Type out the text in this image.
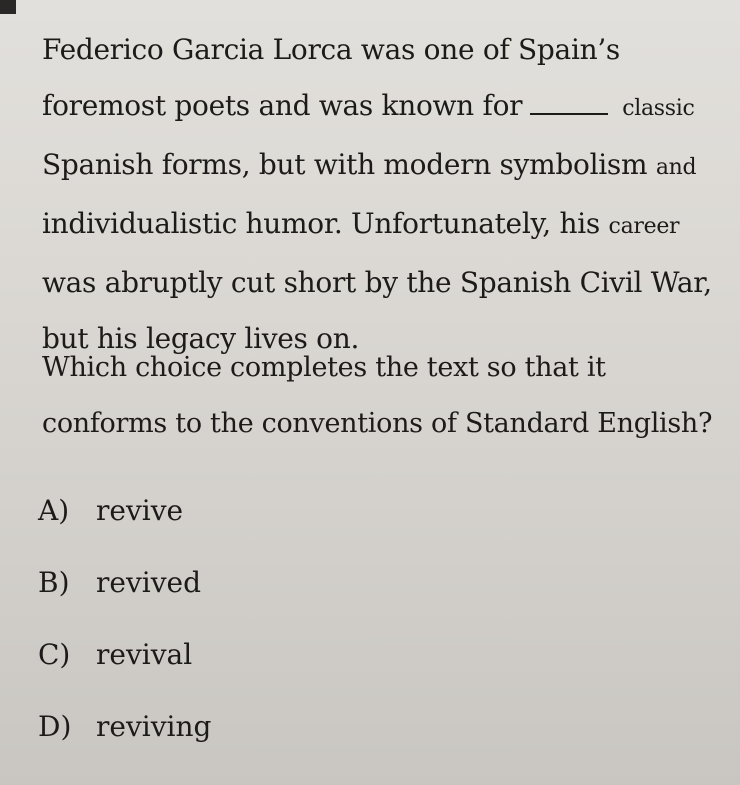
Federico Garcia Lorca was one of Spain’s
foremost poets and was known for	classic
Spanish forms, but with modern symbolism and
individualistic humor. Unfortunately, his career
was abruptly cut short by the Spanish Civil War,
but his legacy lives on.
Which choice completes the text so that it
conforms to the conventions of Standard English?
A) revive
B) revived
C) revival
D) reviving
